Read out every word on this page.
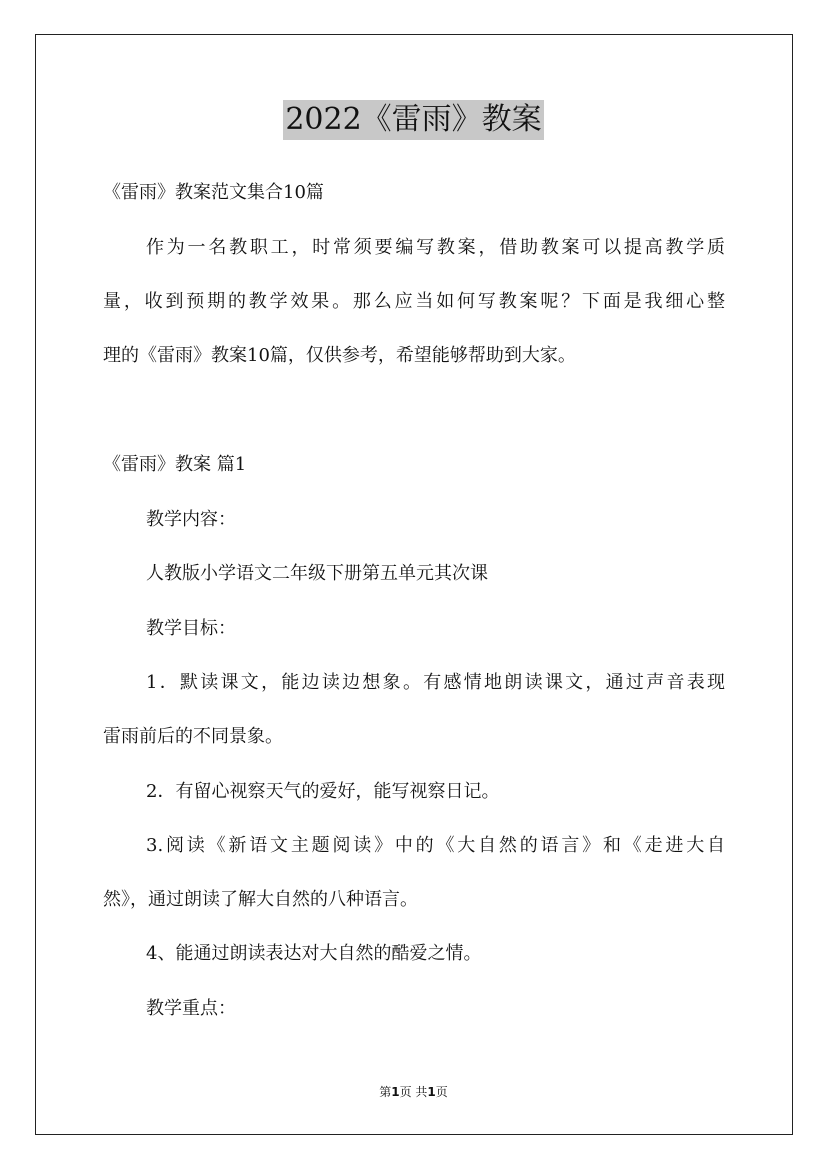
2022《雷雨》教案
《雷雨》教案范文集合10篇
作为一名教职工，时常须要编写教案，借助教案可以提高教学质
量，收到预期的教学效果。那么应当如何写教案呢？下面是我细心整
理的《雷雨》教案10篇，仅供参考，希望能够帮助到大家。
《雷雨》教案 篇1
教学内容：
人教版小学语文二年级下册第五单元其次课
教学目标：
1．默读课文，能边读边想象。有感情地朗读课文，通过声音表现
雷雨前后的不同景象。
2．有留心视察天气的爱好，能写视察日记。
3.阅读《新语文主题阅读》中的《大自然的语言》和《走进大自
然》，通过朗读了解大自然的八种语言。
4、能通过朗读表达对大自然的酷爱之情。
教学重点：
第1页 共1页
